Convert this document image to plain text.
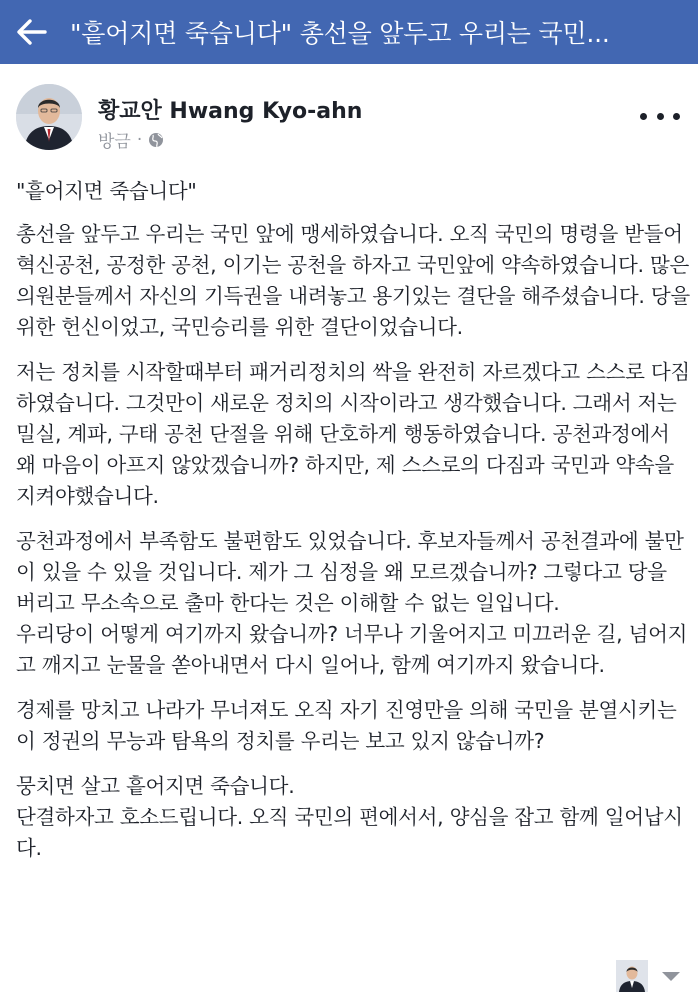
"흩어지면 죽습니다" 총선을 앞두고 우리는 국민...
황교안 Hwang Kyo-ahn
방금 ·

"흩어지면 죽습니다"

총선을 앞두고 우리는 국민 앞에 맹세하였습니다. 오직 국민의 명령을 받들어 혁신공천, 공정한 공천, 이기는 공천을 하자고 국민앞에 약속하였습니다. 많은 의원분들께서 자신의 기득권을 내려놓고 용기있는 결단을 해주셨습니다. 당을 위한 헌신이었고, 국민승리를 위한 결단이었습니다.

저는 정치를 시작할때부터 패거리정치의 싹을 완전히 자르겠다고 스스로 다짐하였습니다. 그것만이 새로운 정치의 시작이라고 생각했습니다. 그래서 저는 밀실, 계파, 구태 공천 단절을 위해 단호하게 행동하였습니다. 공천과정에서 왜 마음이 아프지 않았겠습니까? 하지만, 제 스스로의 다짐과 국민과 약속을 지켜야했습니다.

공천과정에서 부족함도 불편함도 있었습니다. 후보자들께서 공천결과에 불만이 있을 수 있을 것입니다. 제가 그 심정을 왜 모르겠습니까? 그렇다고 당을 버리고 무소속으로 출마 한다는 것은 이해할 수 없는 일입니다.
우리당이 어떻게 여기까지 왔습니까? 너무나 기울어지고 미끄러운 길, 넘어지고 깨지고 눈물을 쏟아내면서 다시 일어나, 함께 여기까지 왔습니다.

경제를 망치고 나라가 무너져도 오직 자기 진영만을 의해 국민을 분열시키는 이 정권의 무능과 탐욕의 정치를 우리는 보고 있지 않습니까?

뭉치면 살고 흩어지면 죽습니다.
단결하자고 호소드립니다. 오직 국민의 편에서서, 양심을 잡고 함께 일어납시다.
